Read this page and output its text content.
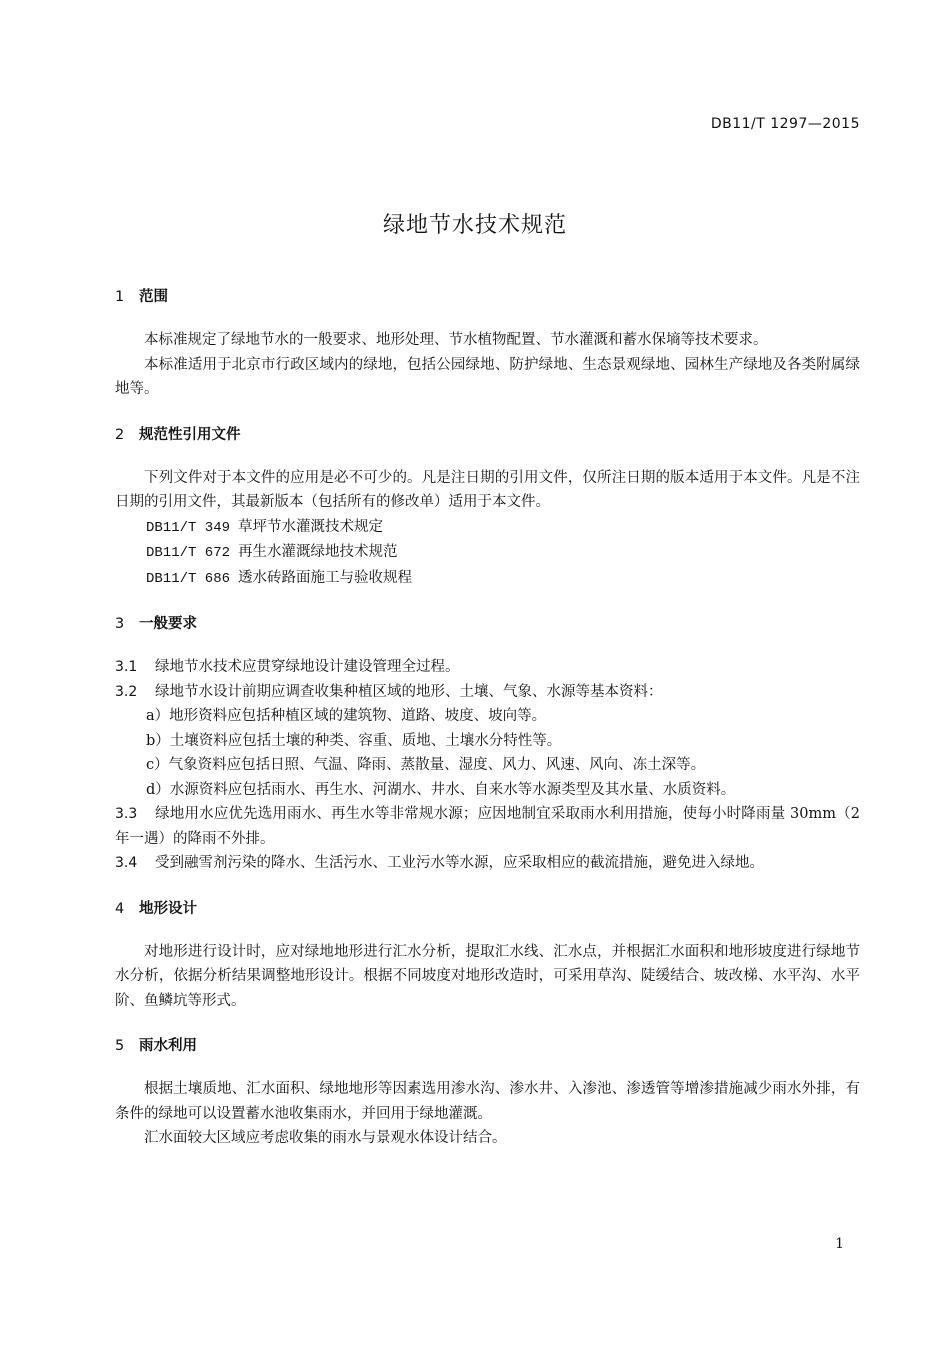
DB11/T 1297—2015
绿地节水技术规范
1 范围
本标准规定了绿地节水的一般要求、地形处理、节水植物配置、节水灌溉和蓄水保墒等技术要求。
本标准适用于北京市行政区域内的绿地，包括公园绿地、防护绿地、生态景观绿地、园林生产绿地及各类附属绿地等。
2 规范性引用文件
下列文件对于本文件的应用是必不可少的。凡是注日期的引用文件，仅所注日期的版本适用于本文件。凡是不注日期的引用文件，其最新版本（包括所有的修改单）适用于本文件。
DB11/T 349 草坪节水灌溉技术规定
DB11/T 672 再生水灌溉绿地技术规范
DB11/T 686 透水砖路面施工与验收规程
3 一般要求
3.1 绿地节水技术应贯穿绿地设计建设管理全过程。
3.2 绿地节水设计前期应调查收集种植区域的地形、土壤、气象、水源等基本资料：
a）地形资料应包括种植区域的建筑物、道路、坡度、坡向等。
b）土壤资料应包括土壤的种类、容重、质地、土壤水分特性等。
c）气象资料应包括日照、气温、降雨、蒸散量、湿度、风力、风速、风向、冻土深等。
d）水源资料应包括雨水、再生水、河湖水、井水、自来水等水源类型及其水量、水质资料。
3.3 绿地用水应优先选用雨水、再生水等非常规水源；应因地制宜采取雨水利用措施，使每小时降雨量 30mm（2 年一遇）的降雨不外排。
3.4 受到融雪剂污染的降水、生活污水、工业污水等水源，应采取相应的截流措施，避免进入绿地。
4 地形设计
对地形进行设计时，应对绿地地形进行汇水分析，提取汇水线、汇水点，并根据汇水面积和地形坡度进行绿地节水分析，依据分析结果调整地形设计。根据不同坡度对地形改造时，可采用草沟、陡缓结合、坡改梯、水平沟、水平阶、鱼鳞坑等形式。
5 雨水利用
根据土壤质地、汇水面积、绿地地形等因素选用渗水沟、渗水井、入渗池、渗透管等增渗措施减少雨水外排，有条件的绿地可以设置蓄水池收集雨水，并回用于绿地灌溉。
汇水面较大区域应考虑收集的雨水与景观水体设计结合。
1
